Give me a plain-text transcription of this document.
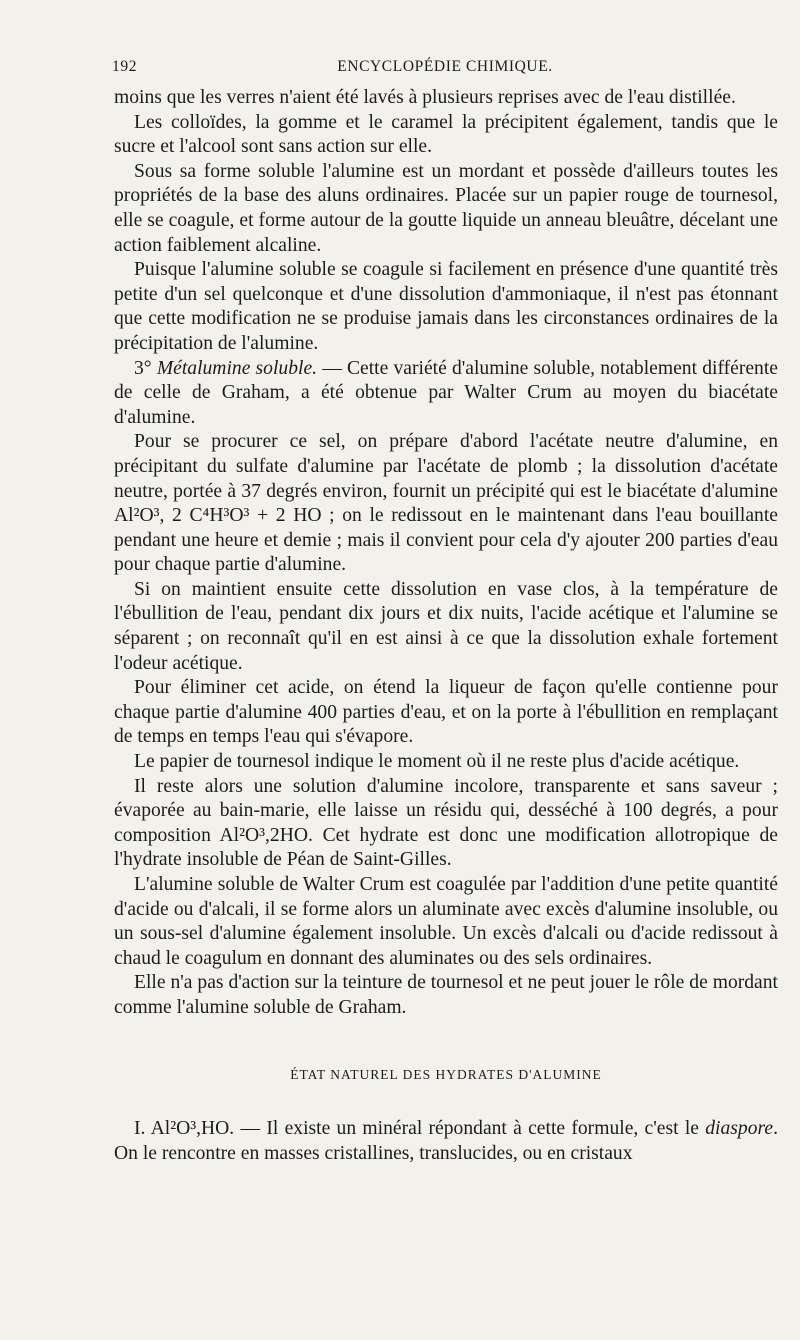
192	ENCYCLOPÉDIE CHIMIQUE.

moins que les verres n'aient été lavés à plusieurs reprises avec de l'eau distillée.

Les colloïdes, la gomme et le caramel la précipitent également, tandis que le sucre et l'alcool sont sans action sur elle.

Sous sa forme soluble l'alumine est un mordant et possède d'ailleurs toutes les propriétés de la base des aluns ordinaires. Placée sur un papier rouge de tournesol, elle se coagule, et forme autour de la goutte liquide un anneau bleuâtre, décelant une action faiblement alcaline.

Puisque l'alumine soluble se coagule si facilement en présence d'une quantité très petite d'un sel quelconque et d'une dissolution d'ammoniaque, il n'est pas étonnant que cette modification ne se produise jamais dans les circonstances ordinaires de la précipitation de l'alumine.

3° Métalumine soluble. — Cette variété d'alumine soluble, notablement différente de celle de Graham, a été obtenue par Walter Crum au moyen du biacétate d'alumine.

Pour se procurer ce sel, on prépare d'abord l'acétate neutre d'alumine, en précipitant du sulfate d'alumine par l'acétate de plomb ; la dissolution d'acétate neutre, portée à 37 degrés environ, fournit un précipité qui est le biacétate d'alumine Al²O³, 2 C⁴H³O³ + 2 HO ; on le redissout en le maintenant dans l'eau bouillante pendant une heure et demie ; mais il convient pour cela d'y ajouter 200 parties d'eau pour chaque partie d'alumine.

Si on maintient ensuite cette dissolution en vase clos, à la température de l'ébullition de l'eau, pendant dix jours et dix nuits, l'acide acétique et l'alumine se séparent ; on reconnaît qu'il en est ainsi à ce que la dissolution exhale fortement l'odeur acétique.

Pour éliminer cet acide, on étend la liqueur de façon qu'elle contienne pour chaque partie d'alumine 400 parties d'eau, et on la porte à l'ébullition en remplaçant de temps en temps l'eau qui s'évapore.

Le papier de tournesol indique le moment où il ne reste plus d'acide acétique.

Il reste alors une solution d'alumine incolore, transparente et sans saveur ; évaporée au bain-marie, elle laisse un résidu qui, desséché à 100 degrés, a pour composition Al²O³,2HO. Cet hydrate est donc une modification allotropique de l'hydrate insoluble de Péan de Saint-Gilles.

L'alumine soluble de Walter Crum est coagulée par l'addition d'une petite quantité d'acide ou d'alcali, il se forme alors un aluminate avec excès d'alumine insoluble, ou un sous-sel d'alumine également insoluble. Un excès d'alcali ou d'acide redissout à chaud le coagulum en donnant des aluminates ou des sels ordinaires.

Elle n'a pas d'action sur la teinture de tournesol et ne peut jouer le rôle de mordant comme l'alumine soluble de Graham.

ÉTAT NATUREL DES HYDRATES D'ALUMINE

I. Al²O³,HO. — Il existe un minéral répondant à cette formule, c'est le diaspore. On le rencontre en masses cristallines, translucides, ou en cristaux
